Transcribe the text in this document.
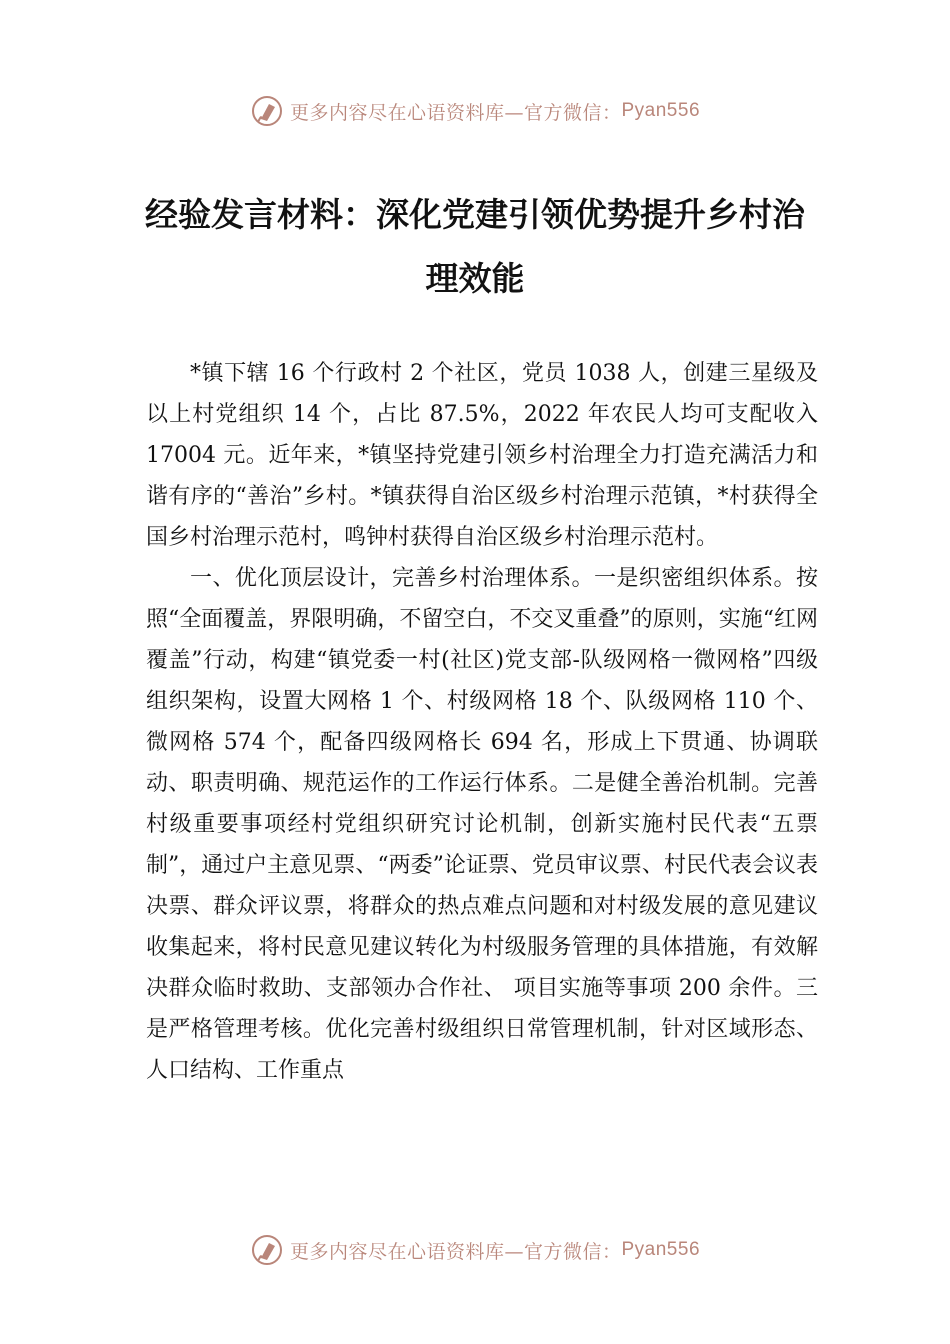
更多内容尽在心语资料库—官方微信： Pyan556
经验发言材料：深化党建引领优势提升乡村治理效能

*镇下辖 16 个行政村 2 个社区，党员 1038 人，创建三星级及以上村党组织 14 个，占比 87.5%，2022 年农民人均可支配收入 17004 元。近年来，*镇坚持党建引领乡村治理全力打造充满活力和谐有序的“善治”乡村。*镇获得自治区级乡村治理示范镇，*村获得全国乡村治理示范村，鸣钟村获得自治区级乡村治理示范村。

一、优化顶层设计，完善乡村治理体系。一是织密组织体系。按照“全面覆盖，界限明确，不留空白，不交叉重叠”的原则，实施“红网覆盖”行动，构建“镇党委一村(社区)党支部-队级网格一微网格”四级组织架构，设置大网格 1 个、村级网格 18 个、队级网格 110 个、微网格 574 个，配备四级网格长 694 名，形成上下贯通、协调联动、职责明确、规范运作的工作运行体系。二是健全善治机制。完善村级重要事项经村党组织研究讨论机制，创新实施村民代表“五票制”，通过户主意见票、“两委”论证票、党员审议票、村民代表会议表决票、群众评议票，将群众的热点难点问题和对村级发展的意见建议收集起来，将村民意见建议转化为村级服务管理的具体措施，有效解决群众临时救助、支部领办合作社、 项目实施等事项 200 余件。三是严格管理考核。优化完善村级组织日常管理机制，针对区域形态、人口结构、工作重点

更多内容尽在心语资料库—官方微信： Pyan556
